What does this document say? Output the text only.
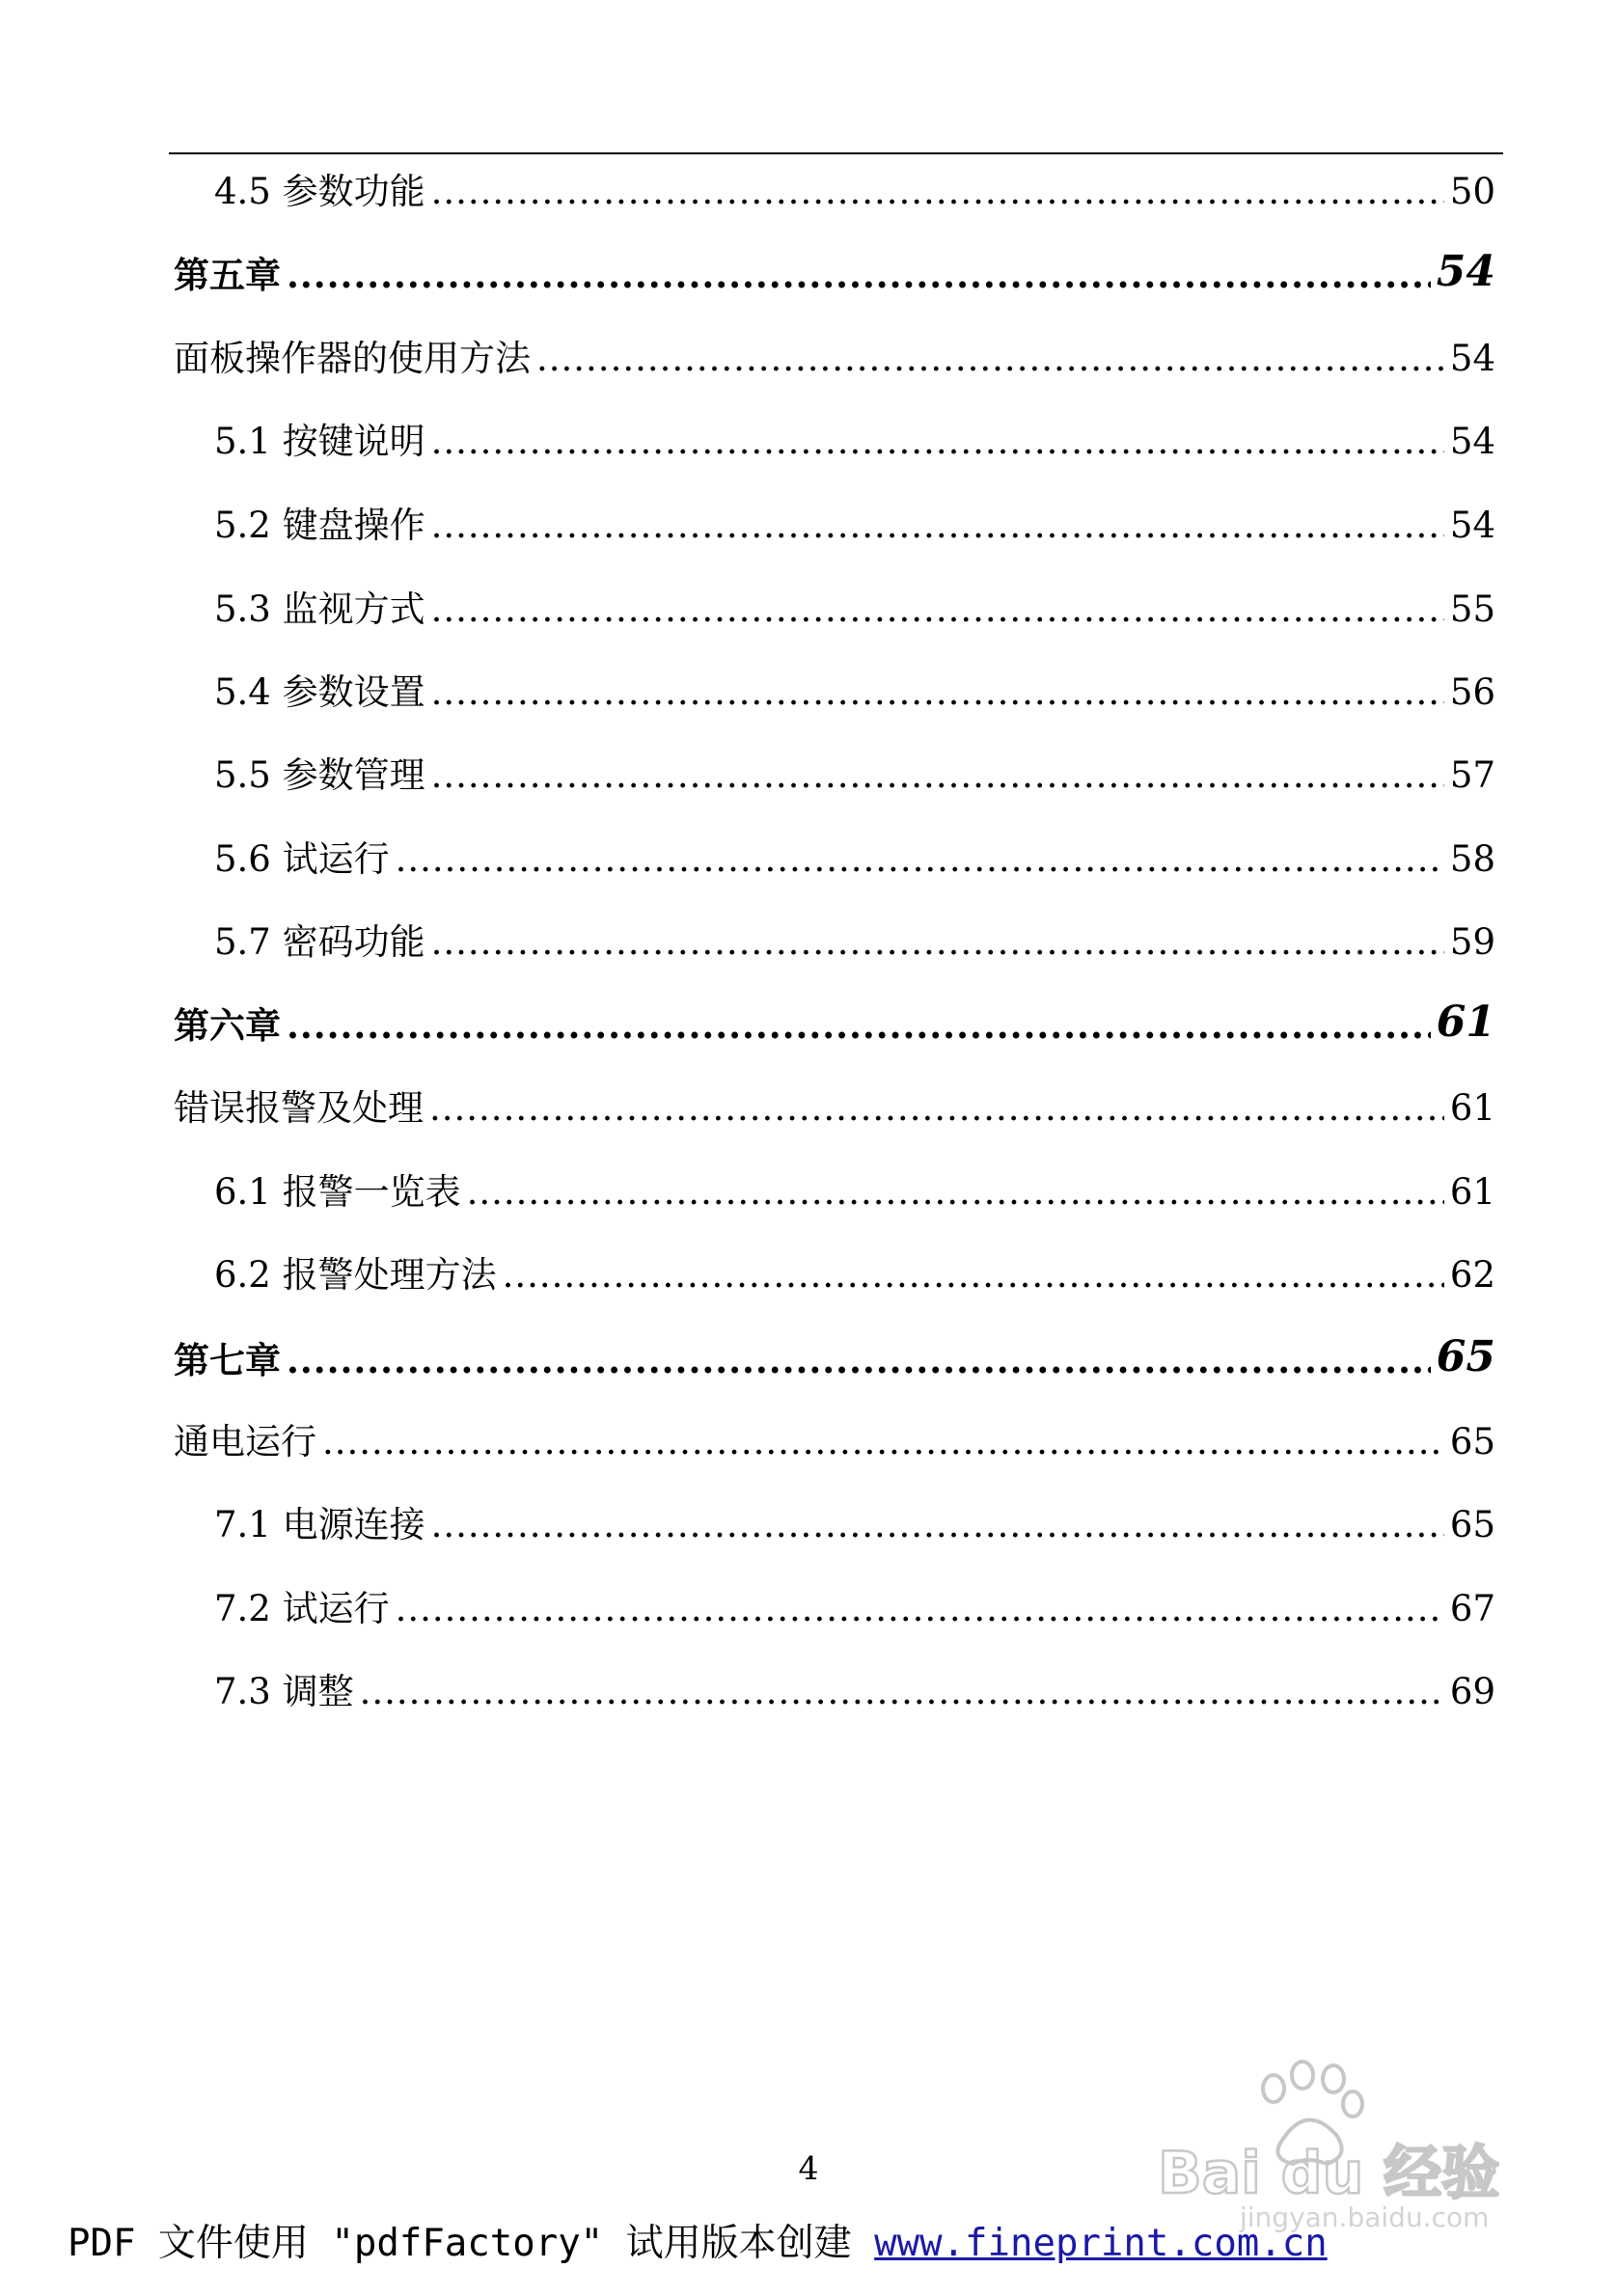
4.5 参数功能 .....	50
第五章 .....	54
面板操作器的使用方法 .....	54
5.1 按键说明 .....	54
5.2 键盘操作 .....	54
5.3 监视方式 .....	55
5.4 参数设置 .....	56
5.5 参数管理 .....	57
5.6 试运行 .....	58
5.7 密码功能 .....	59
第六章 .....	61
错误报警及处理 .....	61
6.1 报警一览表 .....	61
6.2 报警处理方法 .....	62
第七章 .....	65
通电运行 .....	65
7.1 电源连接 .....	65
7.2 试运行 .....	67
7.3 调整 .....	69
4
PDF 文件使用 "pdfFactory" 试用版本创建 www.fineprint.com.cn
Bai du 经验
jingyan.baidu.com
